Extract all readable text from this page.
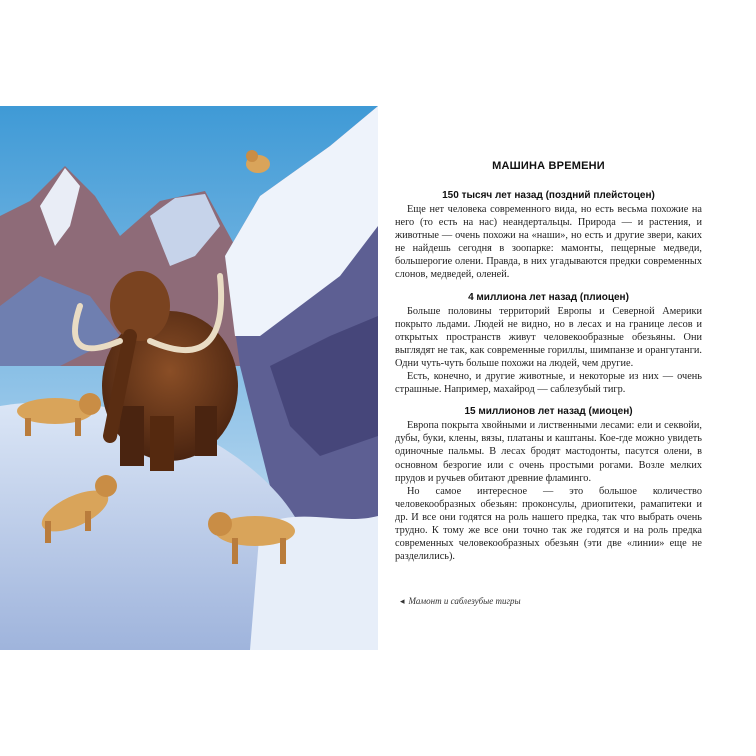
МАШИНА ВРЕМЕНИ
150 тысяч лет назад (поздний плейстоцен)

Еще нет человека современного вида, но есть весьма похожие на него (то есть на нас) неандертальцы. Природа — и растения, и животные — очень похожи на «наши», но есть и другие звери, каких не найдешь сегодня в зоопарке: мамонты, пещерные медведи, большерогие олени. Правда, в них угадываются предки современных слонов, медведей, оленей.

4 миллиона лет назад (плиоцен)

Больше половины территорий Европы и Северной Америки покрыто льдами. Людей не видно, но в лесах и на границе лесов и открытых пространств живут человекообразные обезьяны. Они выглядят не так, как современные гориллы, шимпанзе и орангутанги. Одни чуть-чуть больше похожи на людей, чем другие.

Есть, конечно, и другие животные, и некоторые из них — очень страшные. Например, махайрод — саблезубый тигр.

15 миллионов лет назад (миоцен)

Европа покрыта хвойными и лиственными лесами: ели и секвойи, дубы, буки, клены, вязы, платаны и каштаны. Кое-где можно увидеть одиночные пальмы. В лесах бродят мастодонты, пасутся олени, в основном безрогие или с очень простыми рогами. Возле мелких прудов и ручьев обитают древние фламинго.

Но самое интересное — это большое количество человекообразных обезьян: проконсулы, дриопитеки, рамапитеки и др. И все они годятся на роль нашего предка, так что выбрать очень трудно. К тому же все они точно так же годятся и на роль предка современных человекообразных обезьян (эти две «линии» еще не разделились).

◂ Мамонт и саблезубые тигры
